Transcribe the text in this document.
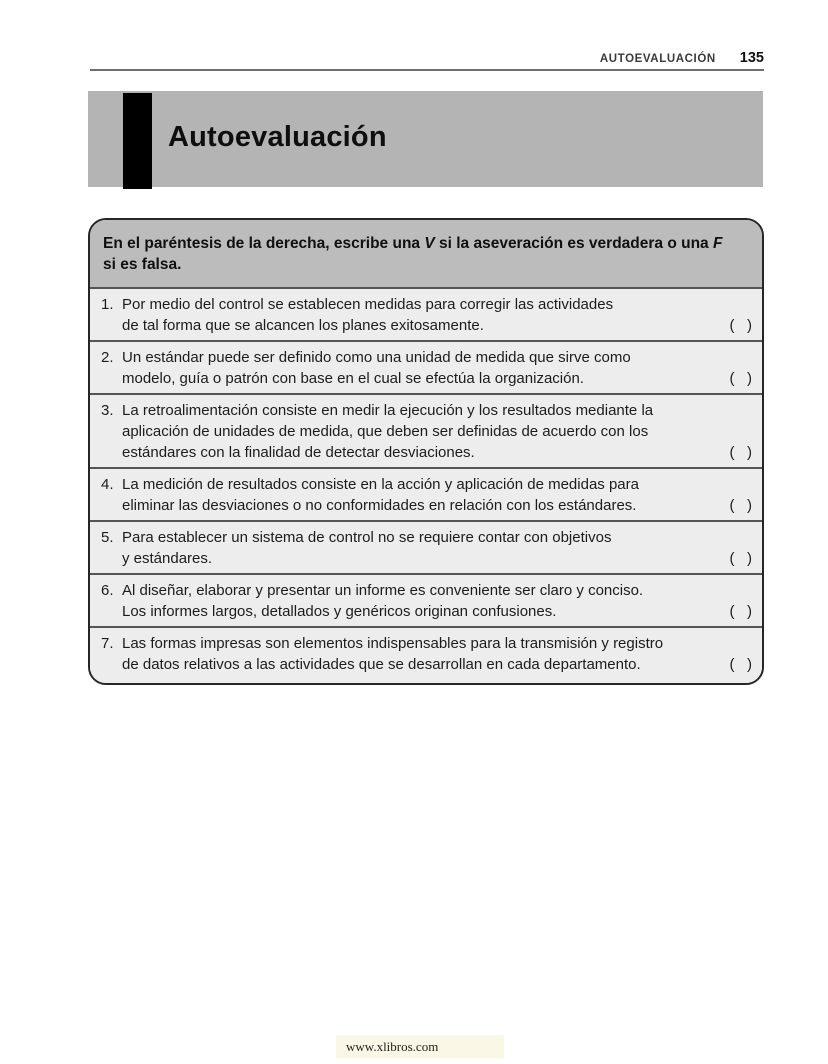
AUTOEVALUACIÓN 135
Autoevaluación
En el paréntesis de la derecha, escribe una V si la aseveración es verdadera o una F
si es falsa.
1. Por medio del control se establecen medidas para corregir las actividades
de tal forma que se alcancen los planes exitosamente.	(   )
2. Un estándar puede ser definido como una unidad de medida que sirve como
modelo, guía o patrón con base en el cual se efectúa la organización.	(   )
3. La retroalimentación consiste en medir la ejecución y los resultados mediante la
aplicación de unidades de medida, que deben ser definidas de acuerdo con los
estándares con la finalidad de detectar desviaciones.	(   )
4. La medición de resultados consiste en la acción y aplicación de medidas para
eliminar las desviaciones o no conformidades en relación con los estándares.	(   )
5. Para establecer un sistema de control no se requiere contar con objetivos
y estándares.	(   )
6. Al diseñar, elaborar y presentar un informe es conveniente ser claro y conciso.
Los informes largos, detallados y genéricos originan confusiones.	(   )
7. Las formas impresas son elementos indispensables para la transmisión y registro
de datos relativos a las actividades que se desarrollan en cada departamento.	(   )
www.xlibros.com
